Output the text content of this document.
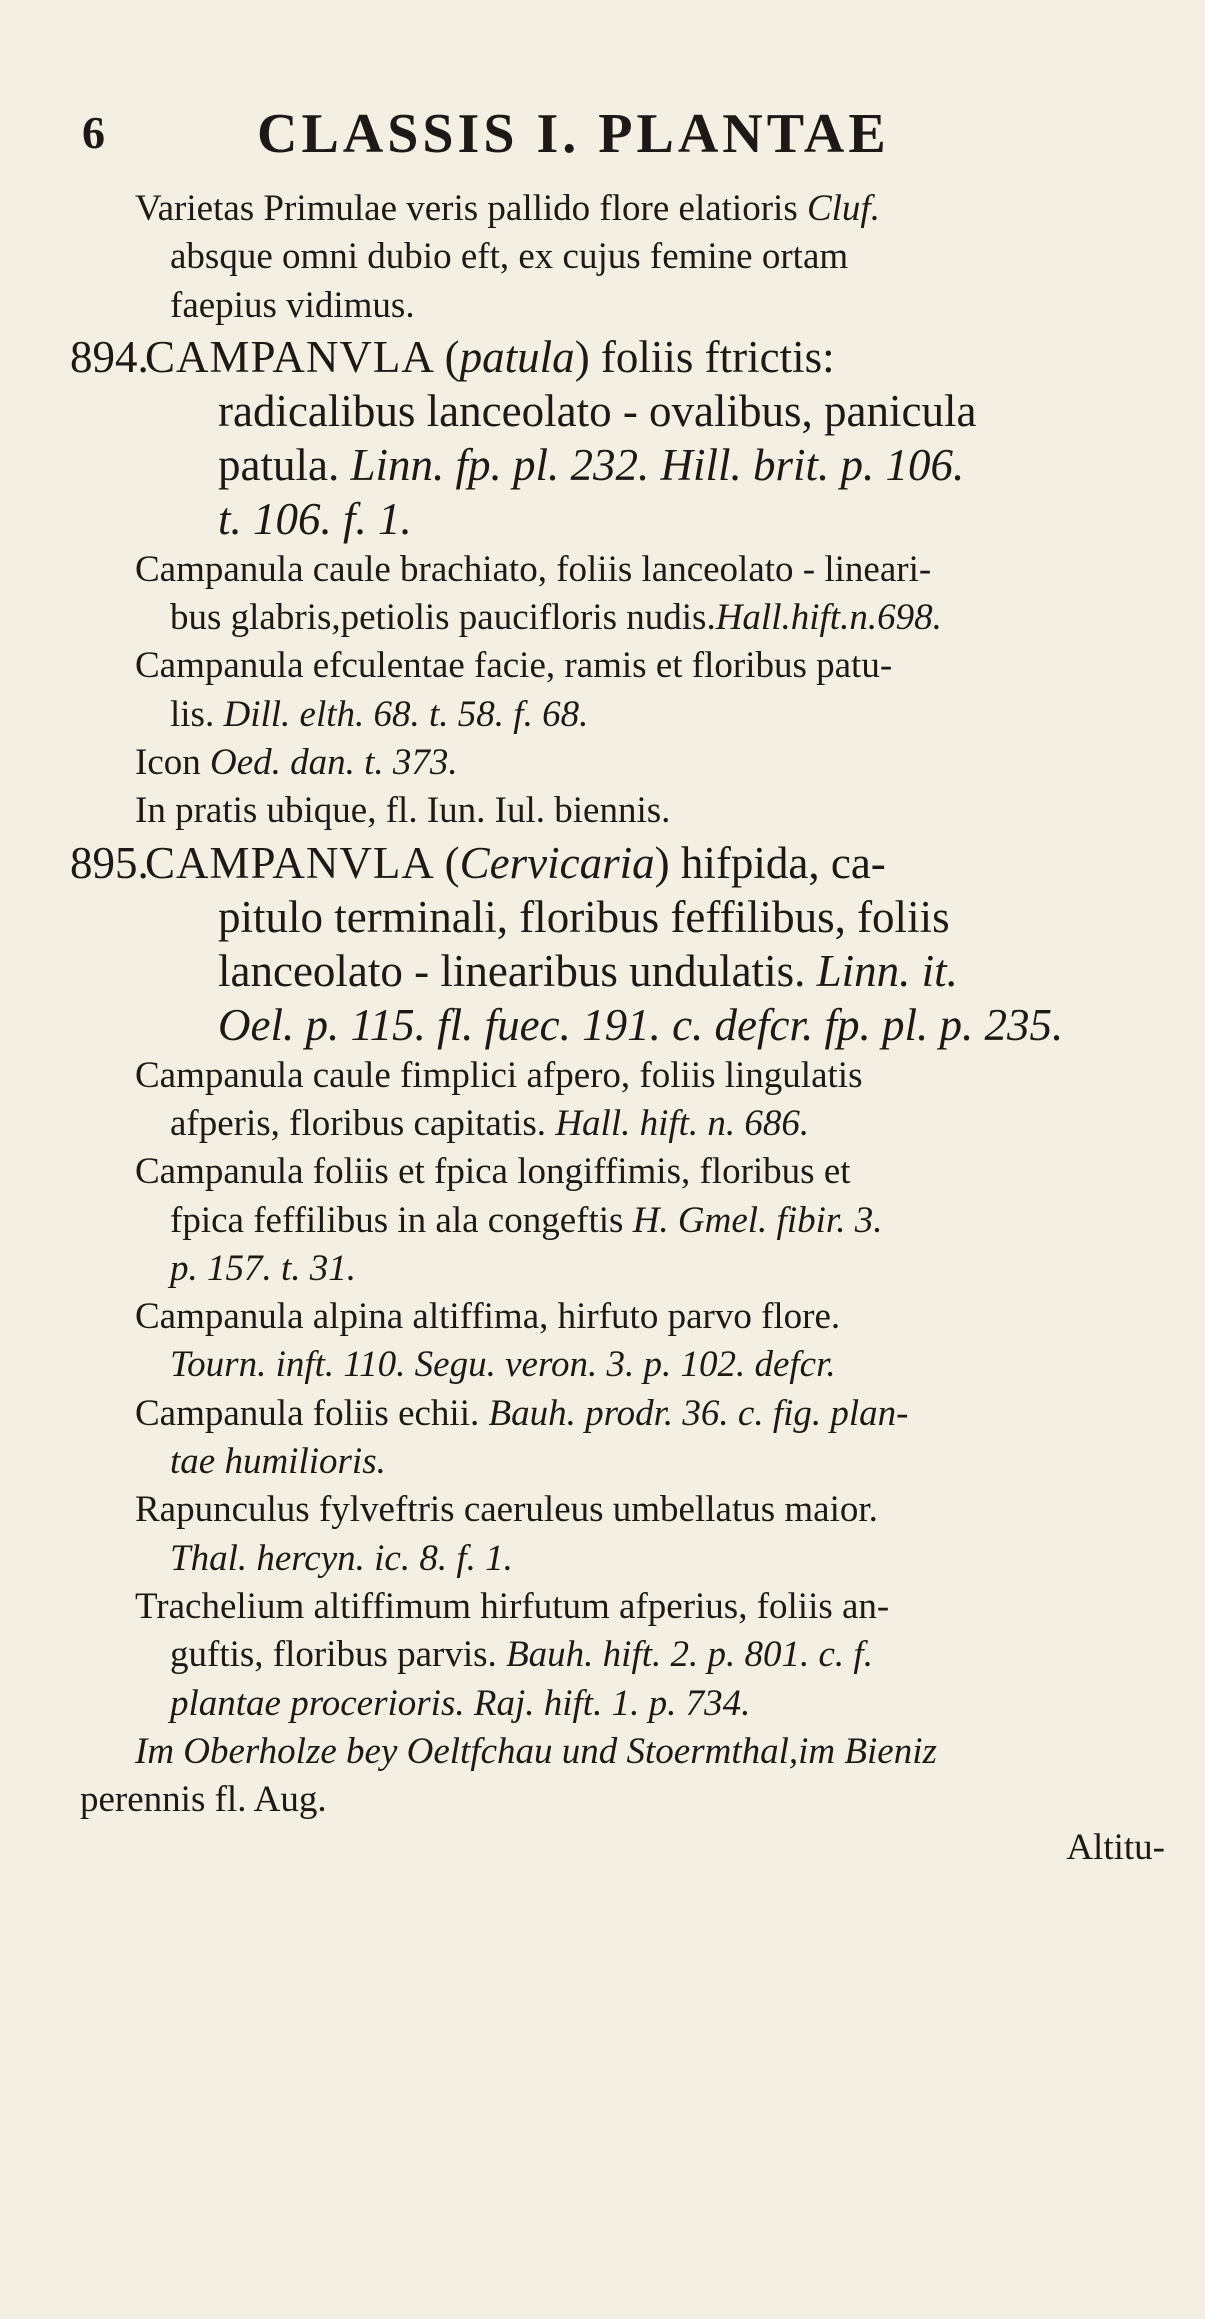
6	CLASSIS I. PLANTAE
Varietas Primulae veris pallido flore elatioris Cluf.
absque omni dubio eft, ex cujus femine ortam
faepius vidimus.
894.CAMPANVLA (patula) foliis ftrictis:
radicalibus lanceolato - ovalibus, panicula
patula. Linn. fp. pl. 232. Hill. brit. p. 106.
t. 106. f. 1.
Campanula caule brachiato, foliis lanceolato - lineari-
bus glabris,petiolis paucifloris nudis.Hall.hift.n.698.
Campanula efculentae facie, ramis et floribus patu-
lis. Dill. elth. 68. t. 58. f. 68.
Icon Oed. dan. t. 373.
In pratis ubique, fl. Iun. Iul. biennis.
895.CAMPANVLA (Cervicaria) hifpida, ca-
pitulo terminali, floribus feffilibus, foliis
lanceolato - linearibus undulatis. Linn. it.
Oel. p. 115. fl. fuec. 191. c. defcr. fp. pl. p. 235.
Campanula caule fimplici afpero, foliis lingulatis
afperis, floribus capitatis. Hall. hift. n. 686.
Campanula foliis et fpica longiffimis, floribus et
fpica feffilibus in ala congeftis H. Gmel. fibir. 3.
p. 157. t. 31.
Campanula alpina altiffima, hirfuto parvo flore.
Tourn. inft. 110. Segu. veron. 3. p. 102. defcr.
Campanula foliis echii. Bauh. prodr. 36. c. fig. plan-
tae humilioris.
Rapunculus fylveftris caeruleus umbellatus maior.
Thal. hercyn. ic. 8. f. 1.
Trachelium altiffimum hirfutum afperius, foliis an-
guftis, floribus parvis. Bauh. hift. 2. p. 801. c. f.
plantae procerioris. Raj. hift. 1. p. 734.
Im Oberholze bey Oeltfchau und Stoermthal,im Bieniz
perennis fl. Aug.
Altitu-
